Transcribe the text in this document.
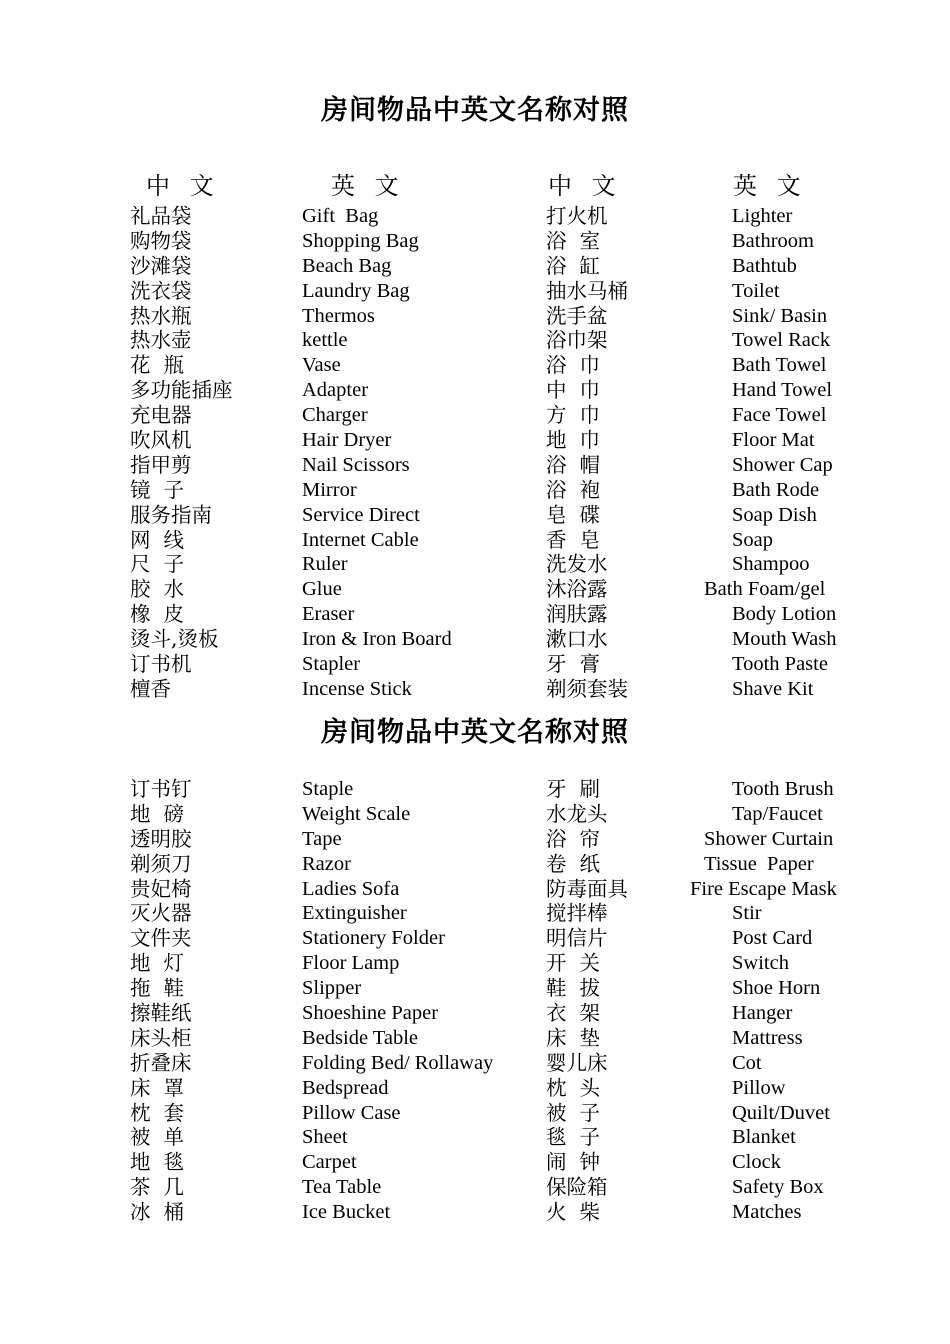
房间物品中英文名称对照
中 文	英 文	中 文	英 文
礼品袋	Gift  Bag	打火机	Lighter
购物袋	Shopping Bag	浴  室	Bathroom
沙滩袋	Beach Bag	浴  缸	Bathtub
洗衣袋	Laundry Bag	抽水马桶	Toilet
热水瓶	Thermos	洗手盆	Sink/ Basin
热水壶	kettle	浴巾架	Towel Rack
花  瓶	Vase	浴  巾	Bath Towel
多功能插座	Adapter	中  巾	Hand Towel
充电器	Charger	方  巾	Face Towel
吹风机	Hair Dryer	地  巾	Floor Mat
指甲剪	Nail Scissors	浴  帽	Shower Cap
镜  子	Mirror	浴  袍	Bath Rode
服务指南	Service Direct	皂  碟	Soap Dish
网  线	Internet Cable	香  皂	Soap
尺  子	Ruler	洗发水	Shampoo
胶  水	Glue	沐浴露	Bath Foam/gel
橡  皮	Eraser	润肤露	Body Lotion
烫斗,烫板	Iron & Iron Board	漱口水	Mouth Wash
订书机	Stapler	牙  膏	Tooth Paste
檀香	Incense Stick	剃须套装	Shave Kit
房间物品中英文名称对照
订书钉	Staple	牙  刷	Tooth Brush
地  磅	Weight Scale	水龙头	Tap/Faucet
透明胶	Tape	浴  帘	Shower Curtain
剃须刀	Razor	卷  纸	Tissue  Paper
贵妃椅	Ladies Sofa	防毒面具	Fire Escape Mask
灭火器	Extinguisher	搅拌棒	Stir
文件夹	Stationery Folder	明信片	Post Card
地  灯	Floor Lamp	开  关	Switch
拖  鞋	Slipper	鞋  拔	Shoe Horn
擦鞋纸	Shoeshine Paper	衣  架	Hanger
床头柜	Bedside Table	床  垫	Mattress
折叠床	Folding Bed/ Rollaway	婴儿床	Cot
床  罩	Bedspread	枕  头	Pillow
枕  套	Pillow Case	被  子	Quilt/Duvet
被  单	Sheet	毯  子	Blanket
地  毯	Carpet	闹  钟	Clock
茶  几	Tea Table	保险箱	Safety Box
冰  桶	Ice Bucket	火  柴	Matches
